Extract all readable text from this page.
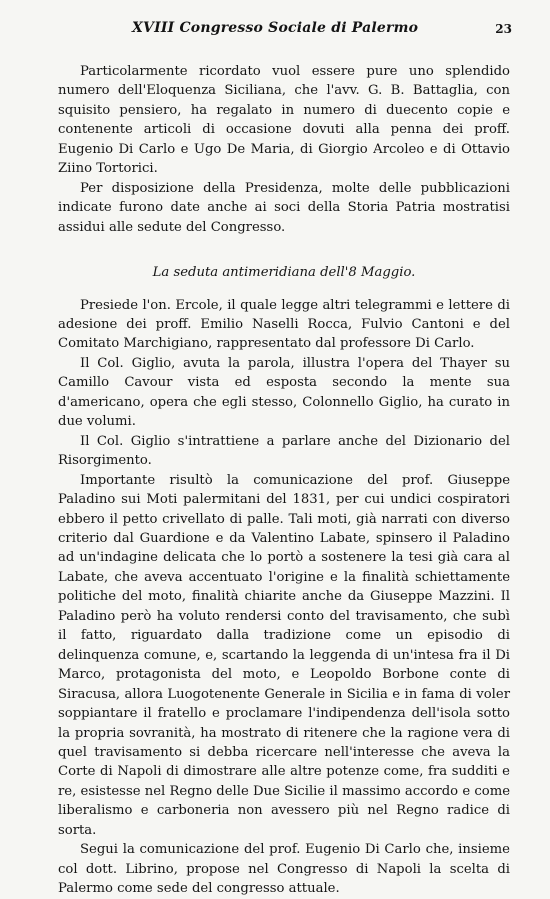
XVIII Congresso Sociale di Palermo	23

Particolarmente ricordato vuol essere pure uno splendido numero dell'Eloquenza Siciliana, che l'avv. G. B. Battaglia, con squisito pensiero, ha regalato in numero di duecento copie e contenente articoli di occasione dovuti alla penna dei proff. Eugenio Di Carlo e Ugo De Maria, di Giorgio Arcoleo e di Ottavio Ziino Tortorici.

Per disposizione della Presidenza, molte delle pubblicazioni indicate furono date anche ai soci della Storia Patria mostratisi assidui alle sedute del Congresso.

La seduta antimeridiana dell'8 Maggio.

Presiede l'on. Ercole, il quale legge altri telegrammi e lettere di adesione dei proff. Emilio Naselli Rocca, Fulvio Cantoni e del Comitato Marchigiano, rappresentato dal professore Di Carlo.

Il Col. Giglio, avuta la parola, illustra l'opera del Thayer su Camillo Cavour vista ed esposta secondo la mente sua d'americano, opera che egli stesso, Colonnello Giglio, ha curato in due volumi.

Il Col. Giglio s'intrattiene a parlare anche del Dizionario del Risorgimento.

Importante risultò la comunicazione del prof. Giuseppe Paladino sui Moti palermitani del 1831, per cui undici cospiratori ebbero il petto crivellato di palle. Tali moti, già narrati con diverso criterio dal Guardione e da Valentino Labate, spinsero il Paladino ad un'indagine delicata che lo portò a sostenere la tesi già cara al Labate, che aveva accentuato l'origine e la finalità schiettamente politiche del moto, finalità chiarite anche da Giuseppe Mazzini. Il Paladino però ha voluto rendersi conto del travisamento, che subì il fatto, riguardato dalla tradizione come un episodio di delinquenza comune, e, scartando la leggenda di un'intesa fra il Di Marco, protagonista del moto, e Leopoldo Borbone conte di Siracusa, allora Luogotenente Generale in Sicilia e in fama di voler soppiantare il fratello e proclamare l'indipendenza dell'isola sotto la propria sovranità, ha mostrato di ritenere che la ragione vera di quel travisamento si debba ricercare nell'interesse che aveva la Corte di Napoli di dimostrare alle altre potenze come, fra sudditi e re, esistesse nel Regno delle Due Sicilie il massimo accordo e come liberalismo e carboneria non avessero più nel Regno radice di sorta.

Segui la comunicazione del prof. Eugenio Di Carlo che, insieme col dott. Librino, propose nel Congresso di Napoli la scelta di Palermo come sede del congresso attuale.
